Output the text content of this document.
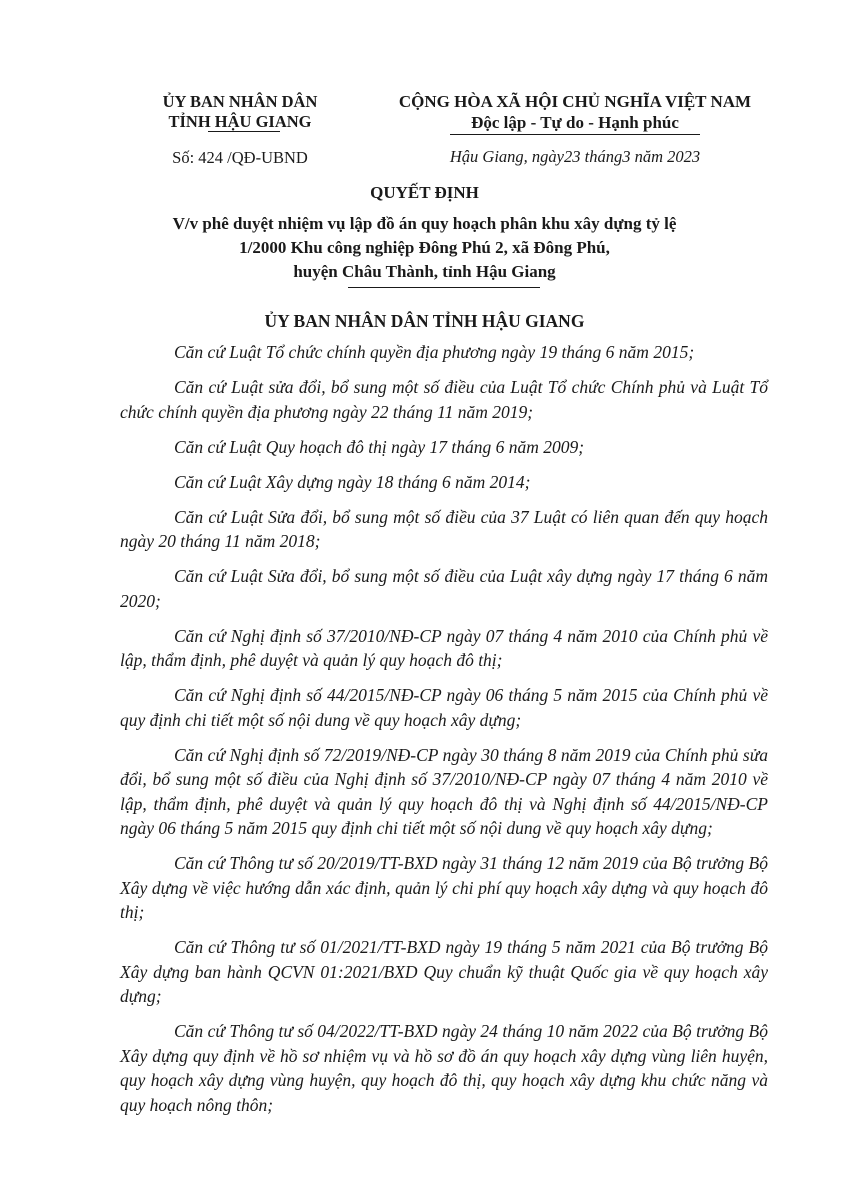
ỦY BAN NHÂN DÂN
TỈNH HẬU GIANG
Số: 424 /QĐ-UBND
CỘNG HÒA XÃ HỘI CHỦ NGHĨA VIỆT NAM
Độc lập - Tự do - Hạnh phúc
Hậu Giang, ngày23 tháng3 năm 2023
QUYẾT ĐỊNH
V/v phê duyệt nhiệm vụ lập đồ án quy hoạch phân khu xây dựng tỷ lệ
1/2000 Khu công nghiệp Đông Phú 2, xã Đông Phú,
huyện Châu Thành, tỉnh Hậu Giang
ỦY BAN NHÂN DÂN TỈNH HẬU GIANG

Căn cứ Luật Tổ chức chính quyền địa phương ngày 19 tháng 6 năm 2015;

Căn cứ Luật sửa đổi, bổ sung một số điều của Luật Tổ chức Chính phủ và Luật Tổ chức chính quyền địa phương ngày 22 tháng 11 năm 2019;

Căn cứ Luật Quy hoạch đô thị ngày 17 tháng 6 năm 2009;

Căn cứ Luật Xây dựng ngày 18 tháng 6 năm 2014;

Căn cứ Luật Sửa đổi, bổ sung một số điều của 37 Luật có liên quan đến quy hoạch ngày 20 tháng 11 năm 2018;

Căn cứ Luật Sửa đổi, bổ sung một số điều của Luật xây dựng ngày 17 tháng 6 năm 2020;

Căn cứ Nghị định số 37/2010/NĐ-CP ngày 07 tháng 4 năm 2010 của Chính phủ về lập, thẩm định, phê duyệt và quản lý quy hoạch đô thị;

Căn cứ Nghị định số 44/2015/NĐ-CP ngày 06 tháng 5 năm 2015 của Chính phủ về quy định chi tiết một số nội dung về quy hoạch xây dựng;

Căn cứ Nghị định số 72/2019/NĐ-CP ngày 30 tháng 8 năm 2019 của Chính phủ sửa đổi, bổ sung một số điều của Nghị định số 37/2010/NĐ-CP ngày 07 tháng 4 năm 2010 về lập, thẩm định, phê duyệt và quản lý quy hoạch đô thị và Nghị định số 44/2015/NĐ-CP ngày 06 tháng 5 năm 2015 quy định chi tiết một số nội dung về quy hoạch xây dựng;

Căn cứ Thông tư số 20/2019/TT-BXD ngày 31 tháng 12 năm 2019 của Bộ trưởng Bộ Xây dựng về việc hướng dẫn xác định, quản lý chi phí quy hoạch xây dựng và quy hoạch đô thị;

Căn cứ Thông tư số 01/2021/TT-BXD ngày 19 tháng 5 năm 2021 của Bộ trưởng Bộ Xây dựng ban hành QCVN 01:2021/BXD Quy chuẩn kỹ thuật Quốc gia về quy hoạch xây dựng;

Căn cứ Thông tư số 04/2022/TT-BXD ngày 24 tháng 10 năm 2022 của Bộ trưởng Bộ Xây dựng quy định về hồ sơ nhiệm vụ và hồ sơ đồ án quy hoạch xây dựng vùng liên huyện, quy hoạch xây dựng vùng huyện, quy hoạch đô thị, quy hoạch xây dựng khu chức năng và quy hoạch nông thôn;
